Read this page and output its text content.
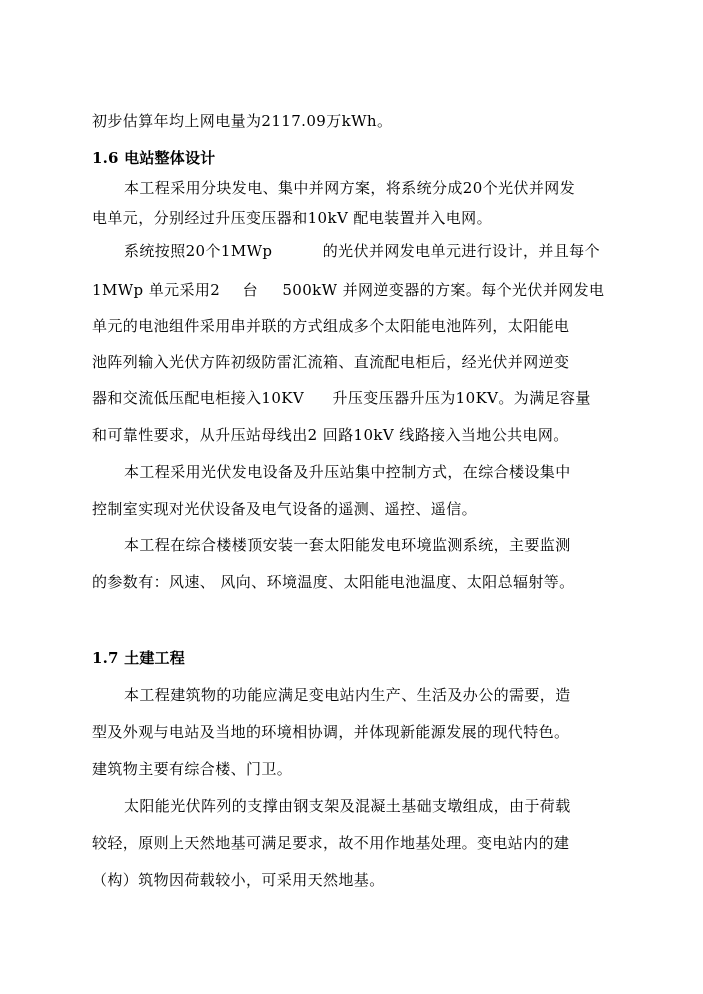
初步估算年均上网电量为2117.09万kWh。
1.6 电站整体设计
本工程采用分块发电、集中并网方案，将系统分成20个光伏并网发
电单元，分别经过升压变压器和10kV 配电装置并入电网。
系统按照20个1MWp	的光伏并网发电单元进行设计，并且每个
1MWp 单元采用2 台 500kW 并网逆变器的方案。每个光伏并网发电
单元的电池组件采用串并联的方式组成多个太阳能电池阵列，太阳能电
池阵列输入光伏方阵初级防雷汇流箱、直流配电柜后，经光伏并网逆变
器和交流低压配电柜接入10KV 升压变压器升压为10KV。为满足容量
和可靠性要求，从升压站母线出2 回路10kV 线路接入当地公共电网。
本工程采用光伏发电设备及升压站集中控制方式，在综合楼设集中
控制室实现对光伏设备及电气设备的遥测、遥控、遥信。
本工程在综合楼楼顶安装一套太阳能发电环境监测系统，主要监测
的参数有：风速、 风向、环境温度、太阳能电池温度、太阳总辐射等。
1.7 土建工程
本工程建筑物的功能应满足变电站内生产、生活及办公的需要，造
型及外观与电站及当地的环境相协调，并体现新能源发展的现代特色。
建筑物主要有综合楼、门卫。
太阳能光伏阵列的支撑由钢支架及混凝土基础支墩组成，由于荷载
较轻，原则上天然地基可满足要求，故不用作地基处理。变电站内的建
（构）筑物因荷载较小，可采用天然地基。
